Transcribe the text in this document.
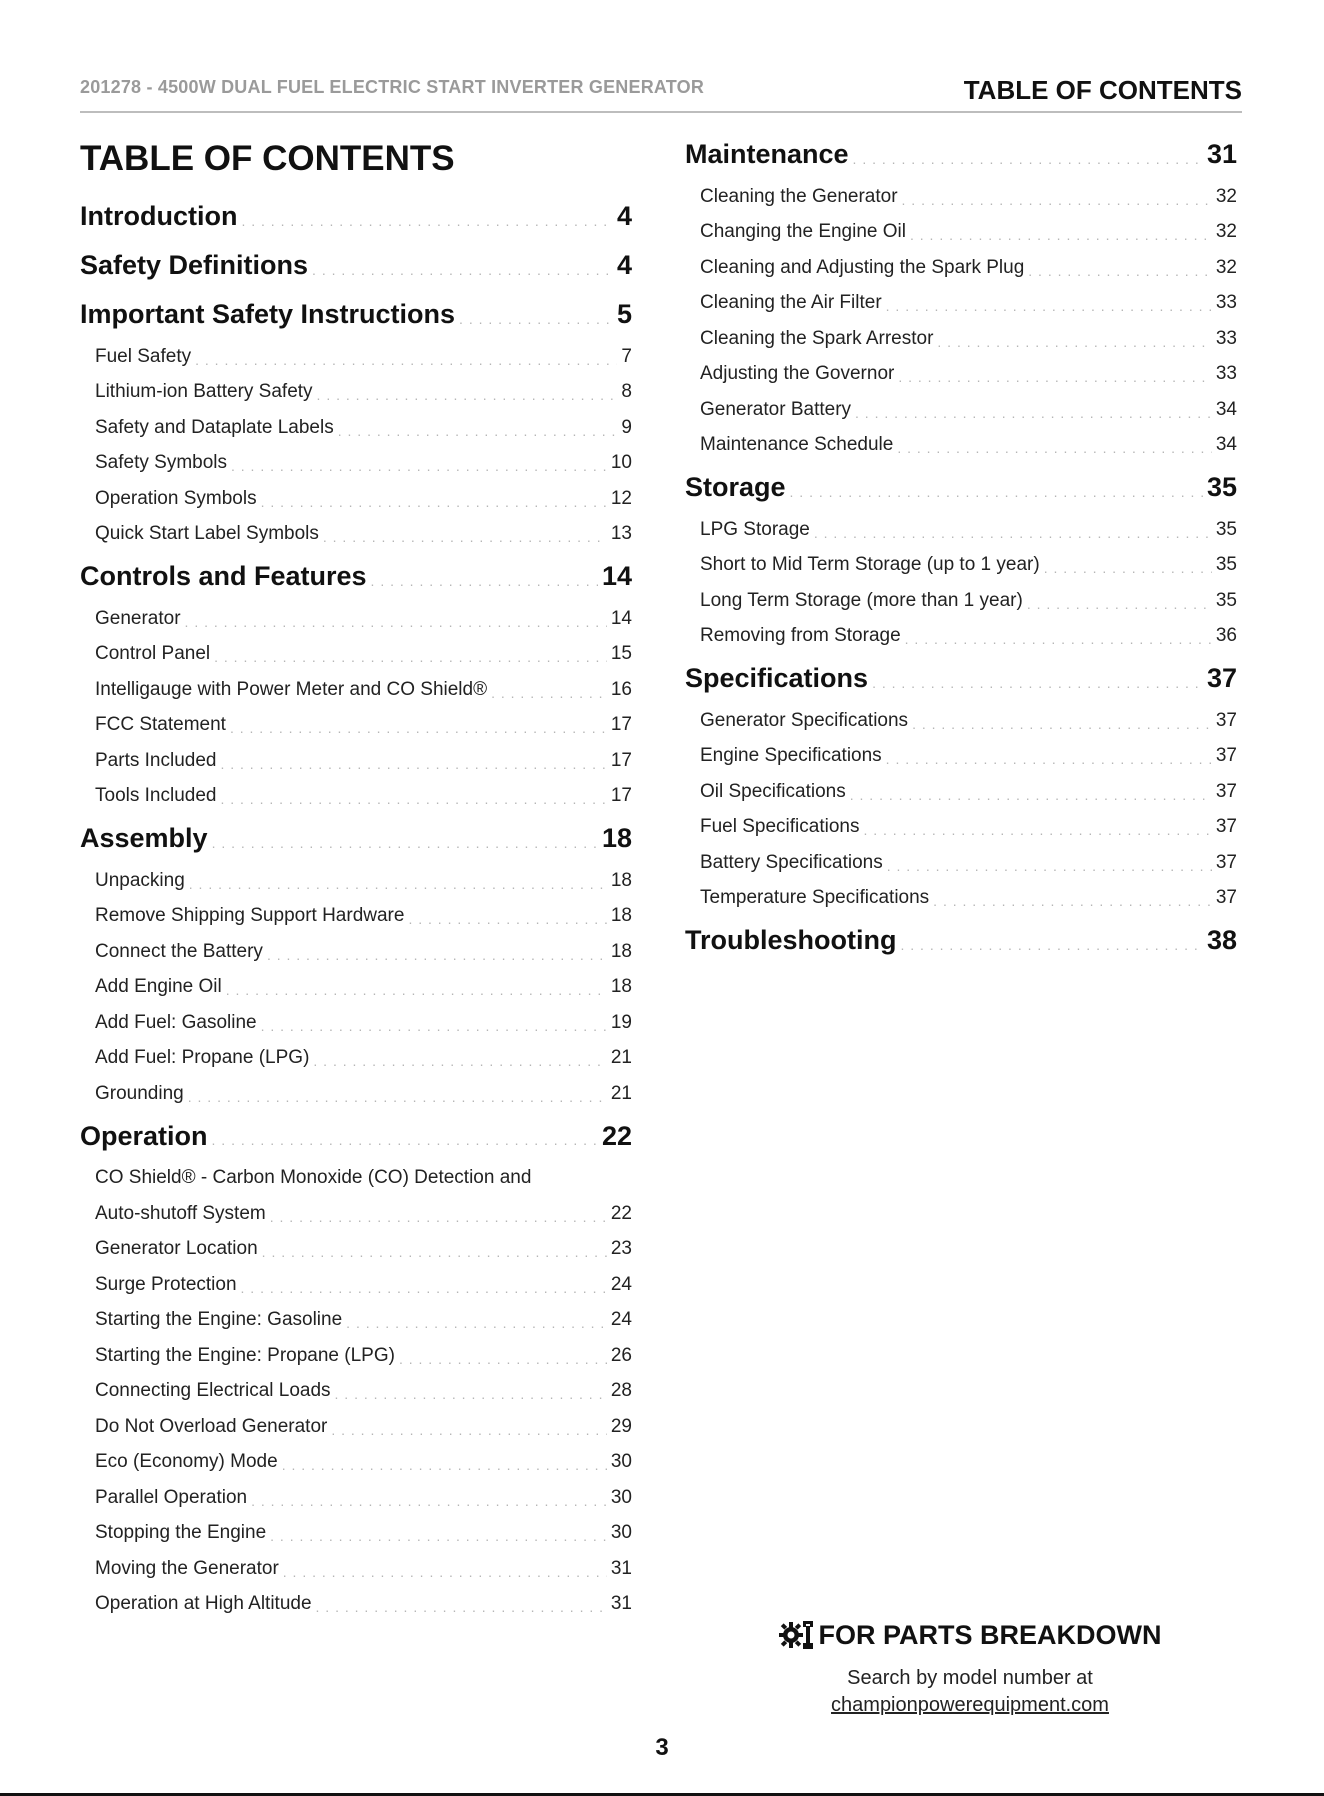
201278 - 4500W DUAL FUEL ELECTRIC START INVERTER GENERATOR	TABLE OF CONTENTS
TABLE OF CONTENTS
Introduction . . .	4
Safety Definitions . . .	4
Important Safety Instructions . . .	5
Fuel Safety . . .	7
Lithium-ion Battery Safety . . .	8
Safety and Dataplate Labels . . .	9
Safety Symbols . . .	10
Operation Symbols . . .	12
Quick Start Label Symbols . . .	13
Controls and Features . . .	14
Generator . . .	14
Control Panel . . .	15
Intelligauge with Power Meter and CO Shield® . . .	16
FCC Statement . . .	17
Parts Included . . .	17
Tools Included . . .	17
Assembly . . .	18
Unpacking . . .	18
Remove Shipping Support Hardware . . .	18
Connect the Battery . . .	18
Add Engine Oil . . .	18
Add Fuel: Gasoline . . .	19
Add Fuel: Propane (LPG) . . .	21
Grounding . . .	21
Operation . . .	22
CO Shield® - Carbon Monoxide (CO) Detection and
Auto-shutoff System . . .	22
Generator Location . . .	23
Surge Protection . . .	24
Starting the Engine: Gasoline . . .	24
Starting the Engine: Propane (LPG) . . .	26
Connecting Electrical Loads . . .	28
Do Not Overload Generator . . .	29
Eco (Economy) Mode . . .	30
Parallel Operation . . .	30
Stopping the Engine . . .	30
Moving the Generator . . .	31
Operation at High Altitude . . .	31
Maintenance . . .	31
Cleaning the Generator . . .	32
Changing the Engine Oil . . .	32
Cleaning and Adjusting the Spark Plug . . .	32
Cleaning the Air Filter . . .	33
Cleaning the Spark Arrestor . . .	33
Adjusting the Governor . . .	33
Generator Battery . . .	34
Maintenance Schedule . . .	34
Storage . . .	35
LPG Storage . . .	35
Short to Mid Term Storage (up to 1 year) . . .	35
Long Term Storage (more than 1 year) . . .	35
Removing from Storage . . .	36
Specifications . . .	37
Generator Specifications . . .	37
Engine Specifications . . .	37
Oil Specifications . . .	37
Fuel Specifications . . .	37
Battery Specifications . . .	37
Temperature Specifications . . .	37
Troubleshooting . . .	38
FOR PARTS BREAKDOWN
Search by model number at
championpowerequipment.com
3
